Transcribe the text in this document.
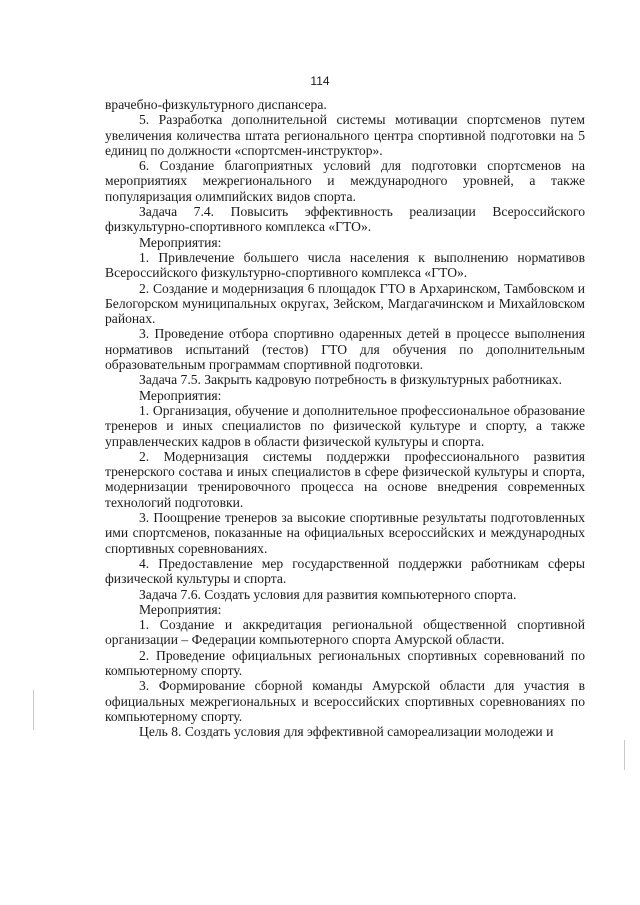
114

врачебно-физкультурного диспансера.

5. Разработка дополнительной системы мотивации спортсменов путем увеличения количества штата регионального центра спортивной подготовки на 5 единиц по должности «спортсмен-инструктор».

6. Создание благоприятных условий для подготовки спортсменов на мероприятиях межрегионального и международного уровней, а также популяризация олимпийских видов спорта.

Задача 7.4. Повысить эффективность реализации Всероссийского физкультурно-спортивного комплекса «ГТО».

Мероприятия:

1. Привлечение большего числа населения к выполнению нормативов Всероссийского физкультурно-спортивного комплекса «ГТО».

2. Создание и модернизация 6 площадок ГТО в Архаринском, Тамбовском и Белогорском муниципальных округах, Зейском, Магдагачинском и Михайловском районах.

3. Проведение отбора спортивно одаренных детей в процессе выполнения нормативов испытаний (тестов) ГТО для обучения по дополнительным образовательным программам спортивной подготовки.

Задача 7.5. Закрыть кадровую потребность в физкультурных работниках.

Мероприятия:

1. Организация, обучение и дополнительное профессиональное образование тренеров и иных специалистов по физической культуре и спорту, а также управленческих кадров в области физической культуры и спорта.

2. Модернизация системы поддержки профессионального развития тренерского состава и иных специалистов в сфере физической культуры и спорта, модернизации тренировочного процесса на основе внедрения современных технологий подготовки.

3. Поощрение тренеров за высокие спортивные результаты подготовленных ими спортсменов, показанные на официальных всероссийских и международных спортивных соревнованиях.

4. Предоставление мер государственной поддержки работникам сферы физической культуры и спорта.

Задача 7.6. Создать условия для развития компьютерного спорта.

Мероприятия:

1. Создание и аккредитация региональной общественной спортивной организации – Федерации компьютерного спорта Амурской области.

2. Проведение официальных региональных спортивных соревнований по компьютерному спорту.

3. Формирование сборной команды Амурской области для участия в официальных межрегиональных и всероссийских спортивных соревнованиях по компьютерному спорту.

Цель 8. Создать условия для эффективной самореализации молодежи и
